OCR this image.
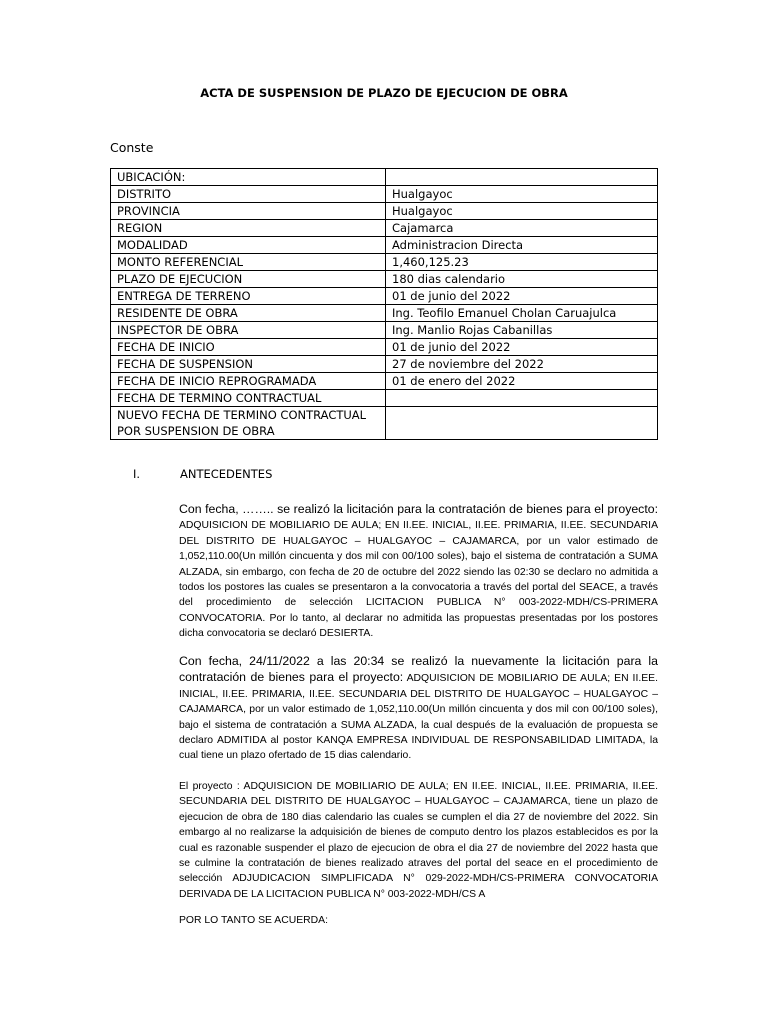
ACTA DE SUSPENSION DE PLAZO DE EJECUCION DE OBRA
Conste
UBICACIÓN:	
DISTRITO	Hualgayoc
PROVINCIA	Hualgayoc
REGION	Cajamarca
MODALIDAD	Administracion Directa
MONTO REFERENCIAL	1,460,125.23
PLAZO DE EJECUCION	180 dias calendario
ENTREGA DE TERRENO	01 de junio del 2022
RESIDENTE DE OBRA	Ing. Teofilo Emanuel Cholan Caruajulca
INSPECTOR DE OBRA	Ing. Manlio Rojas Cabanillas
FECHA DE INICIO	01 de junio del 2022
FECHA DE SUSPENSION	27 de noviembre del 2022
FECHA DE INICIO REPROGRAMADA	01 de enero del 2022
FECHA DE TERMINO CONTRACTUAL	
NUEVO FECHA DE TERMINO CONTRACTUAL POR SUSPENSION DE OBRA	
I.	ANTECEDENTES
Con fecha, …….. se realizó la licitación para la contratación de bienes para el proyecto: ADQUISICION DE MOBILIARIO DE AULA; EN II.EE. INICIAL, II.EE. PRIMARIA, II.EE. SECUNDARIA DEL DISTRITO DE HUALGAYOC – HUALGAYOC – CAJAMARCA, por un valor estimado de 1,052,110.00(Un millón cincuenta y dos mil con 00/100 soles), bajo el sistema de contratación a SUMA ALZADA, sin embargo, con fecha de 20 de octubre del 2022 siendo las 02:30 se declaro no admitida a todos los postores las cuales se presentaron a la convocatoria a través del portal del SEACE, a través del procedimiento de selección LICITACION PUBLICA N° 003-2022-MDH/CS-PRIMERA CONVOCATORIA. Por lo tanto, al declarar no admitida las propuestas presentadas por los postores dicha convocatoria se declaró DESIERTA.
Con fecha, 24/11/2022 a las 20:34 se realizó la nuevamente la licitación para la contratación de bienes para el proyecto: ADQUISICION DE MOBILIARIO DE AULA; EN II.EE. INICIAL, II.EE. PRIMARIA, II.EE. SECUNDARIA DEL DISTRITO DE HUALGAYOC – HUALGAYOC – CAJAMARCA, por un valor estimado de 1,052,110.00(Un millón cincuenta y dos mil con 00/100 soles), bajo el sistema de contratación a SUMA ALZADA, la cual después de la evaluación de propuesta se declaro ADMITIDA al postor KANQA EMPRESA INDIVIDUAL DE RESPONSABILIDAD LIMITADA, la cual tiene un plazo ofertado de 15 dias calendario.
El proyecto : ADQUISICION DE MOBILIARIO DE AULA; EN II.EE. INICIAL, II.EE. PRIMARIA, II.EE. SECUNDARIA DEL DISTRITO DE HUALGAYOC – HUALGAYOC – CAJAMARCA, tiene un plazo de ejecucion de obra de 180 dias calendario las cuales se cumplen el dia 27 de noviembre del 2022. Sin embargo al no realizarse la adquisición de bienes de computo dentro los plazos establecidos es por la cual es razonable suspender el plazo de ejecucion de obra el dia 27 de noviembre del 2022 hasta que se culmine la contratación de bienes realizado atraves del portal del seace en el procedimiento de selección ADJUDICACION SIMPLIFICADA N° 029-2022-MDH/CS-PRIMERA CONVOCATORIA DERIVADA DE LA LICITACION PUBLICA N° 003-2022-MDH/CS A
POR LO TANTO SE ACUERDA:
